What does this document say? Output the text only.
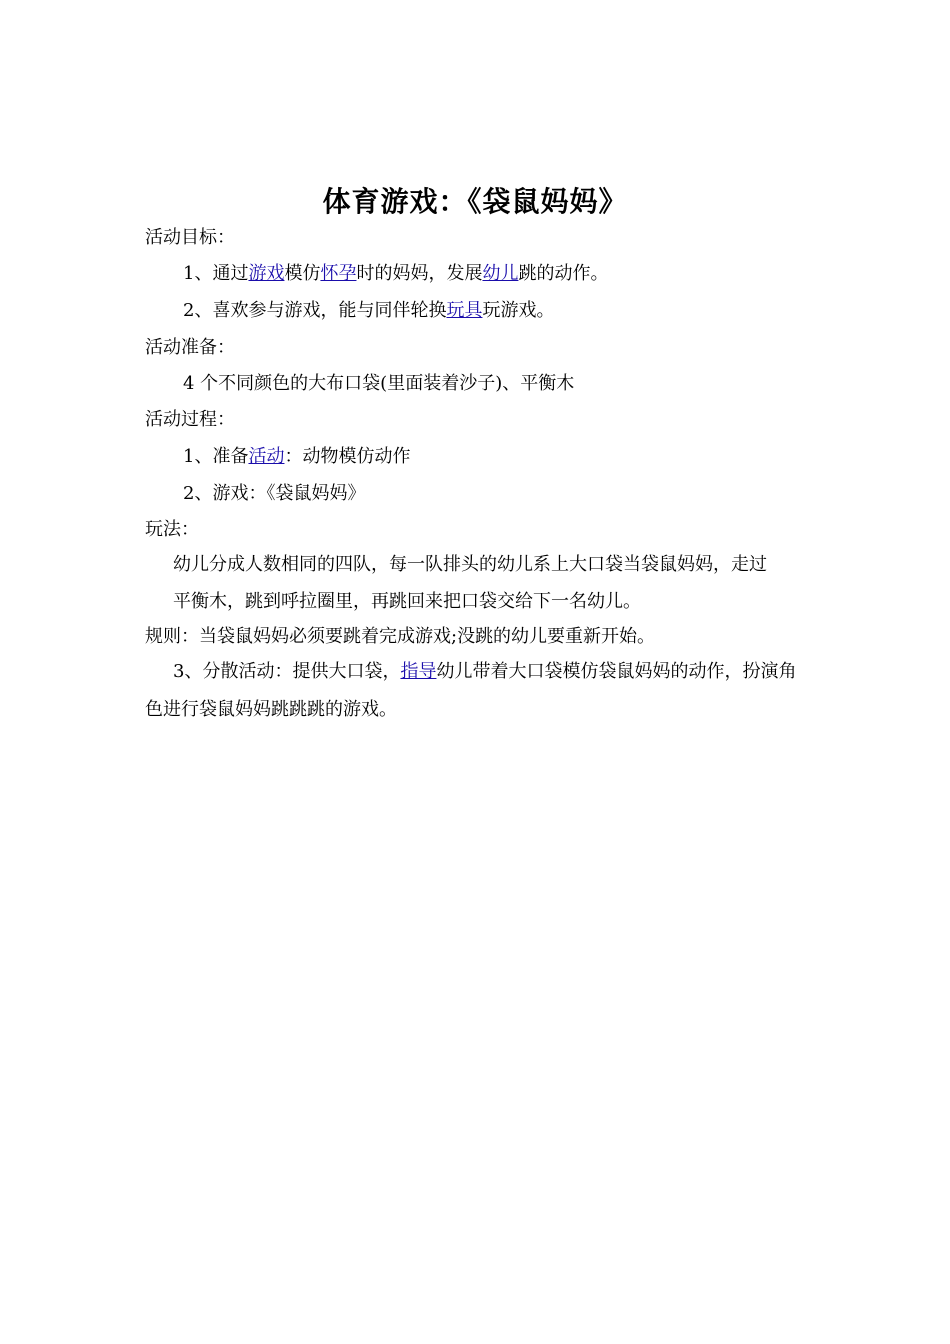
体育游戏：《袋鼠妈妈》
活动目标：
1、通过游戏模仿怀孕时的妈妈，发展幼儿跳的动作。
2、喜欢参与游戏，能与同伴轮换玩具玩游戏。
活动准备：
4 个不同颜色的大布口袋(里面装着沙子)、平衡木
活动过程：
1、准备活动：动物模仿动作
2、游戏：《袋鼠妈妈》
玩法：
幼儿分成人数相同的四队，每一队排头的幼儿系上大口袋当袋鼠妈妈，走过
平衡木，跳到呼拉圈里，再跳回来把口袋交给下一名幼儿。
规则：当袋鼠妈妈必须要跳着完成游戏;没跳的幼儿要重新开始。
3、分散活动：提供大口袋，指导幼儿带着大口袋模仿袋鼠妈妈的动作，扮演角
色进行袋鼠妈妈跳跳跳的游戏。
